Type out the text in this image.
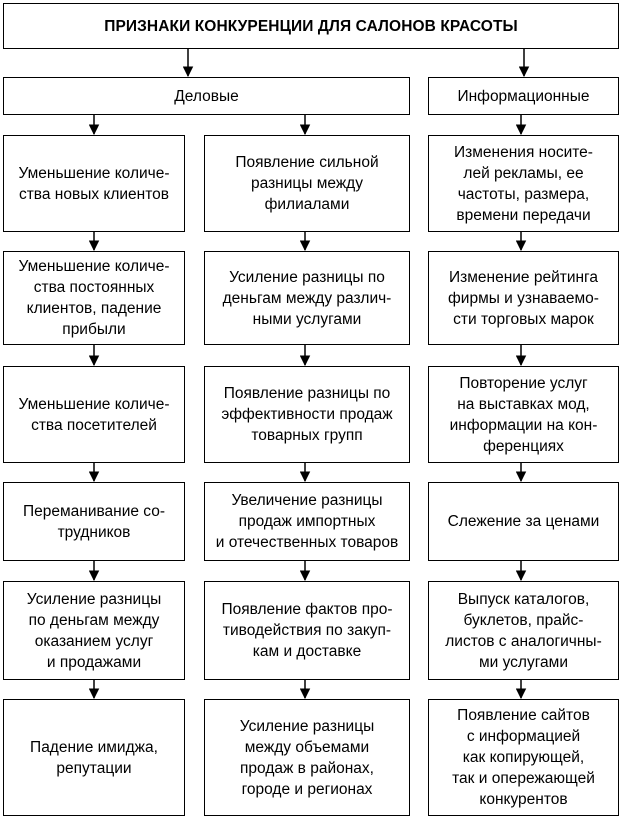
ПРИЗНАКИ КОНКУРЕНЦИИ ДЛЯ САЛОНОВ КРАСОТЫ
Деловые	Информационные
Уменьшение количе-
ства новых клиентов
Уменьшение количе-
ства постоянных
клиентов, падение
прибыли
Уменьшение количе-
ства посетителей
Переманивание со-
трудников
Усиление разницы
по деньгам между
оказанием услуг
и продажами
Падение имиджа,
репутации
Появление сильной
разницы между
филиалами
Усиление разницы по
деньгам между различ-
ными услугами
Появление разницы по
эффективности продаж
товарных групп
Увеличение разницы
продаж импортных
и отечественных товаров
Появление фактов про-
тиводействия по закуп-
кам и доставке
Усиление разницы
между объемами
продаж в районах,
городе и регионах
Изменения носите-
лей рекламы, ее
частоты, размера,
времени передачи
Изменение рейтинга
фирмы и узнаваемо-
сти торговых марок
Повторение услуг
на выставках мод,
информации на кон-
ференциях
Слежение за ценами
Выпуск каталогов,
буклетов, прайс-
листов с аналогичны-
ми услугами
Появление сайтов
с информацией
как копирующей,
так и опережающей
конкурентов
